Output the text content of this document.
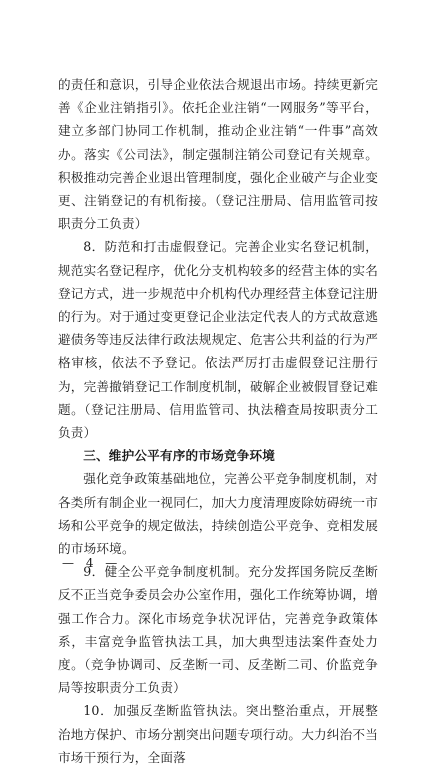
的责任和意识，引导企业依法合规退出市场。持续更新完善《企业注销指引》。依托企业注销“一网服务”等平台，建立多部门协同工作机制，推动企业注销“一件事”高效办。落实《公司法》，制定强制注销公司登记有关规章。积极推动完善企业退出管理制度，强化企业破产与企业变更、注销登记的有机衔接。（登记注册局、信用监管司按职责分工负责）

8．防范和打击虚假登记。完善企业实名登记机制，规范实名登记程序，优化分支机构较多的经营主体的实名登记方式，进一步规范中介机构代办理经营主体登记注册的行为。对于通过变更登记企业法定代表人的方式故意逃避债务等违反法律行政法规规定、危害公共利益的行为严格审核，依法不予登记。依法严厉打击虚假登记注册行为，完善撤销登记工作制度机制，破解企业被假冒登记难题。（登记注册局、信用监管司、执法稽查局按职责分工负责）

三、维护公平有序的市场竞争环境

强化竞争政策基础地位，完善公平竞争制度机制，对各类所有制企业一视同仁，加大力度清理废除妨碍统一市场和公平竞争的规定做法，持续创造公平竞争、竞相发展的市场环境。

9．健全公平竞争制度机制。充分发挥国务院反垄断反不正当竞争委员会办公室作用，强化工作统筹协调，增强工作合力。深化市场竞争状况评估，完善竞争政策体系，丰富竞争监管执法工具，加大典型违法案件查处力度。（竞争协调司、反垄断一司、反垄断二司、价监竞争局等按职责分工负责）

10．加强反垄断监管执法。突出整治重点，开展整治地方保护、市场分割突出问题专项行动。大力纠治不当市场干预行为，全面落

— 4 —
